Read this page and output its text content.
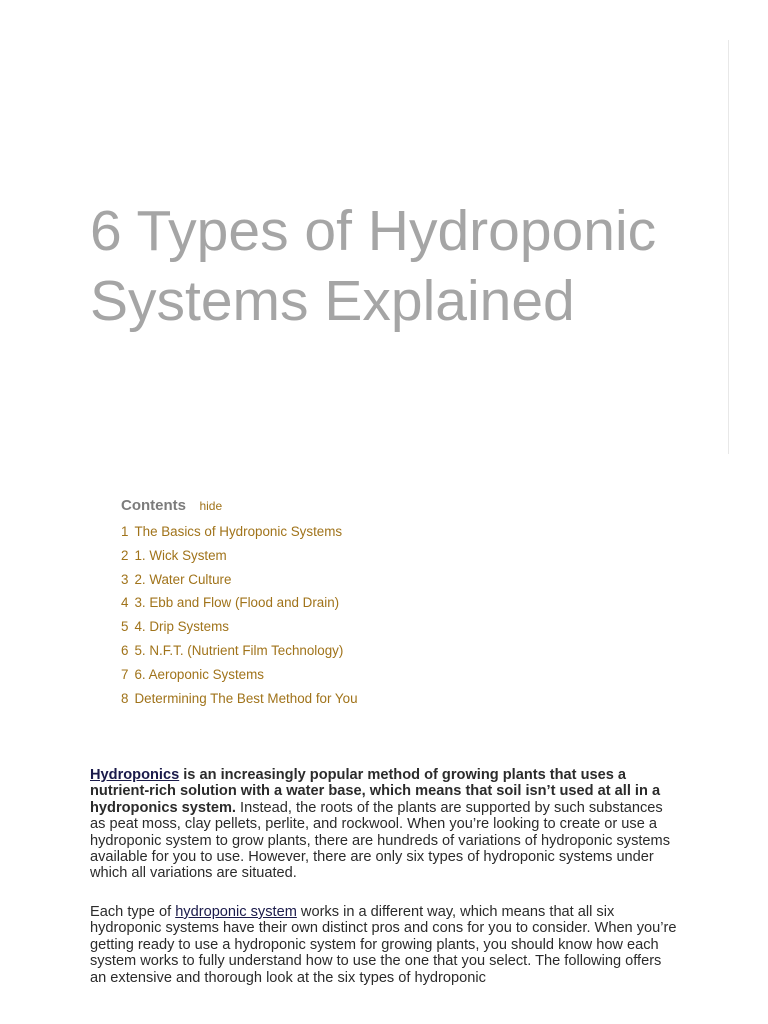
6 Types of Hydroponic Systems Explained
Contents hide
1 The Basics of Hydroponic Systems
2 1. Wick System
3 2. Water Culture
4 3. Ebb and Flow (Flood and Drain)
5 4. Drip Systems
6 5. N.F.T. (Nutrient Film Technology)
7 6. Aeroponic Systems
8 Determining The Best Method for You

Hydroponics is an increasingly popular method of growing plants that uses a nutrient-rich solution with a water base, which means that soil isn’t used at all in a hydroponics system. Instead, the roots of the plants are supported by such substances as peat moss, clay pellets, perlite, and rockwool. When you’re looking to create or use a hydroponic system to grow plants, there are hundreds of variations of hydroponic systems available for you to use. However, there are only six types of hydroponic systems under which all variations are situated.

Each type of hydroponic system works in a different way, which means that all six hydroponic systems have their own distinct pros and cons for you to consider. When you’re getting ready to use a hydroponic system for growing plants, you should know how each system works to fully understand how to use the one that you select. The following offers an extensive and thorough look at the six types of hydroponic
